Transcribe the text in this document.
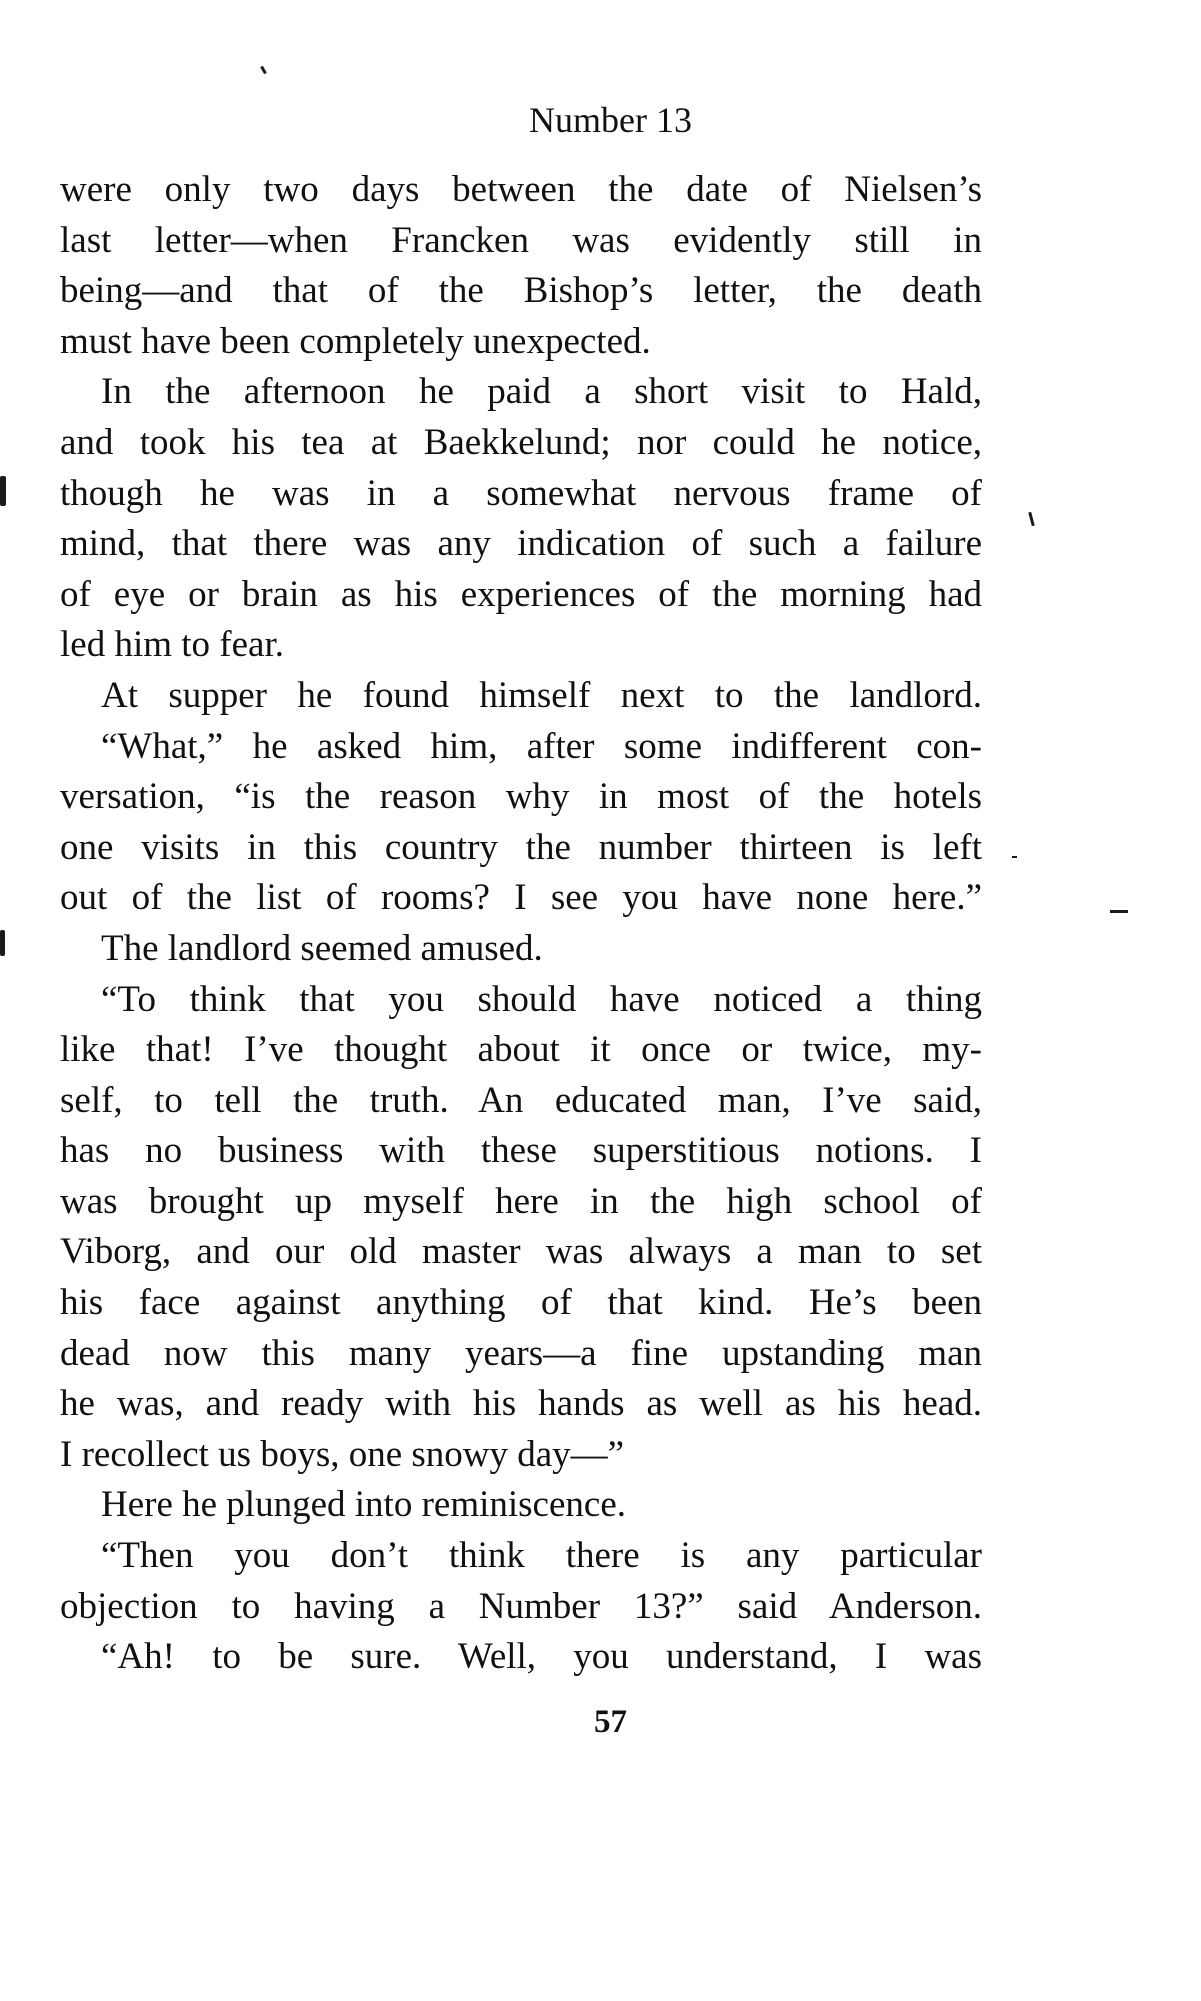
Number 13
were only two days between the date of Nielsen’s
last letter—when Francken was evidently still in
being—and that of the Bishop’s letter, the death
must have been completely unexpected.
In the afternoon he paid a short visit to Hald,
and took his tea at Baekkelund; nor could he notice,
though he was in a somewhat nervous frame of
mind, that there was any indication of such a failure
of eye or brain as his experiences of the morning had
led him to fear.
At supper he found himself next to the landlord.
“What,” he asked him, after some indifferent con-
versation, “is the reason why in most of the hotels
one visits in this country the number thirteen is left
out of the list of rooms? I see you have none here.”
The landlord seemed amused.
“To think that you should have noticed a thing
like that! I’ve thought about it once or twice, my-
self, to tell the truth. An educated man, I’ve said,
has no business with these superstitious notions. I
was brought up myself here in the high school of
Viborg, and our old master was always a man to set
his face against anything of that kind. He’s been
dead now this many years—a fine upstanding man
he was, and ready with his hands as well as his head.
I recollect us boys, one snowy day—”
Here he plunged into reminiscence.
“Then you don’t think there is any particular
objection to having a Number 13?” said Anderson.
“Ah! to be sure. Well, you understand, I was
57
